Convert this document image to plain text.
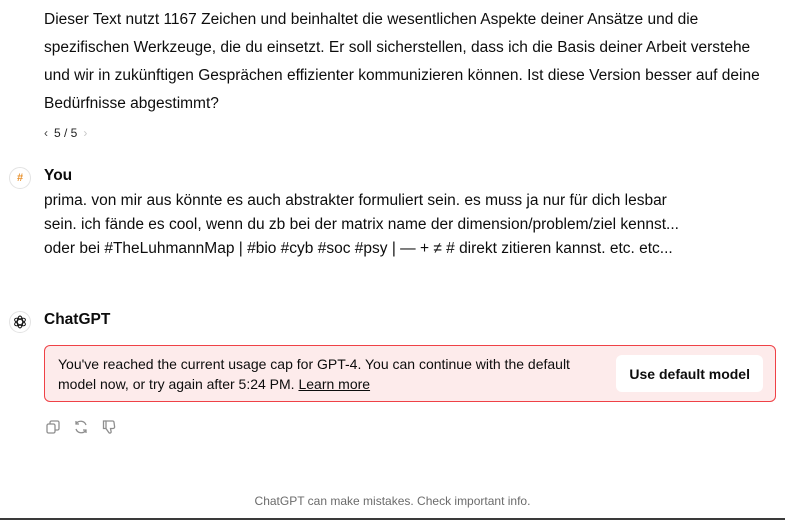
Dieser Text nutzt 1167 Zeichen und beinhaltet die wesentlichen Aspekte deiner Ansätze und die spezifischen Werkzeuge, die du einsetzt. Er soll sicherstellen, dass ich die Basis deiner Arbeit verstehe und wir in zukünftigen Gesprächen effizienter kommunizieren können. Ist diese Version besser auf deine Bedürfnisse abgestimmt?
‹ 5 / 5 ›
#	You
prima. von mir aus könnte es auch abstrakter formuliert sein. es muss ja nur für dich lesbar
sein. ich fände es cool, wenn du zb bei der matrix name der dimension/problem/ziel kennst...
oder bei #TheLuhmannMap | #bio #cyb #soc #psy | — + ≠ # direkt zitieren kannst. etc. etc...
ChatGPT
You've reached the current usage cap for GPT-4. You can continue with the default model now, or try again after 5:24 PM. Learn more
Use default model
ChatGPT can make mistakes. Check important info.
